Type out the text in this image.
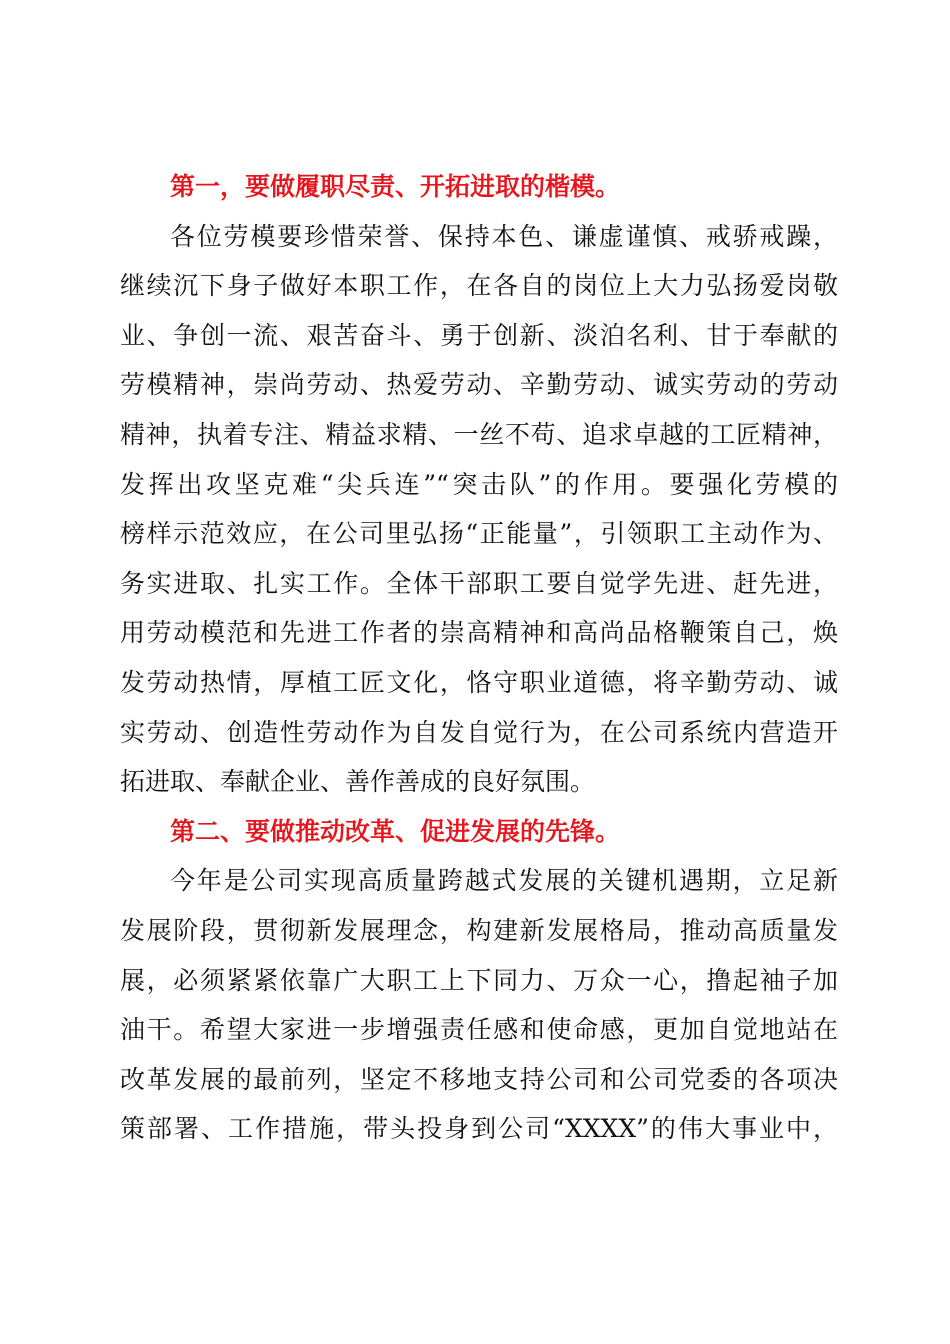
第一，要做履职尽责、开拓进取的楷模。
各位劳模要珍惜荣誉、保持本色、谦虚谨慎、戒骄戒躁，
继续沉下身子做好本职工作，在各自的岗位上大力弘扬爱岗敬
业、争创一流、艰苦奋斗、勇于创新、淡泊名利、甘于奉献的
劳模精神，崇尚劳动、热爱劳动、辛勤劳动、诚实劳动的劳动
精神，执着专注、精益求精、一丝不苟、追求卓越的工匠精神，
发挥出攻坚克难“尖兵连”“突击队”的作用。要强化劳模的
榜样示范效应，在公司里弘扬“正能量”，引领职工主动作为、
务实进取、扎实工作。全体干部职工要自觉学先进、赶先进，
用劳动模范和先进工作者的崇高精神和高尚品格鞭策自己，焕
发劳动热情，厚植工匠文化，恪守职业道德，将辛勤劳动、诚
实劳动、创造性劳动作为自发自觉行为，在公司系统内营造开
拓进取、奉献企业、善作善成的良好氛围。
第二、要做推动改革、促进发展的先锋。
今年是公司实现高质量跨越式发展的关键机遇期，立足新
发展阶段，贯彻新发展理念，构建新发展格局，推动高质量发
展，必须紧紧依靠广大职工上下同力、万众一心，撸起袖子加
油干。希望大家进一步增强责任感和使命感，更加自觉地站在
改革发展的最前列，坚定不移地支持公司和公司党委的各项决
策部署、工作措施，带头投身到公司“XXXX”的伟大事业中，
